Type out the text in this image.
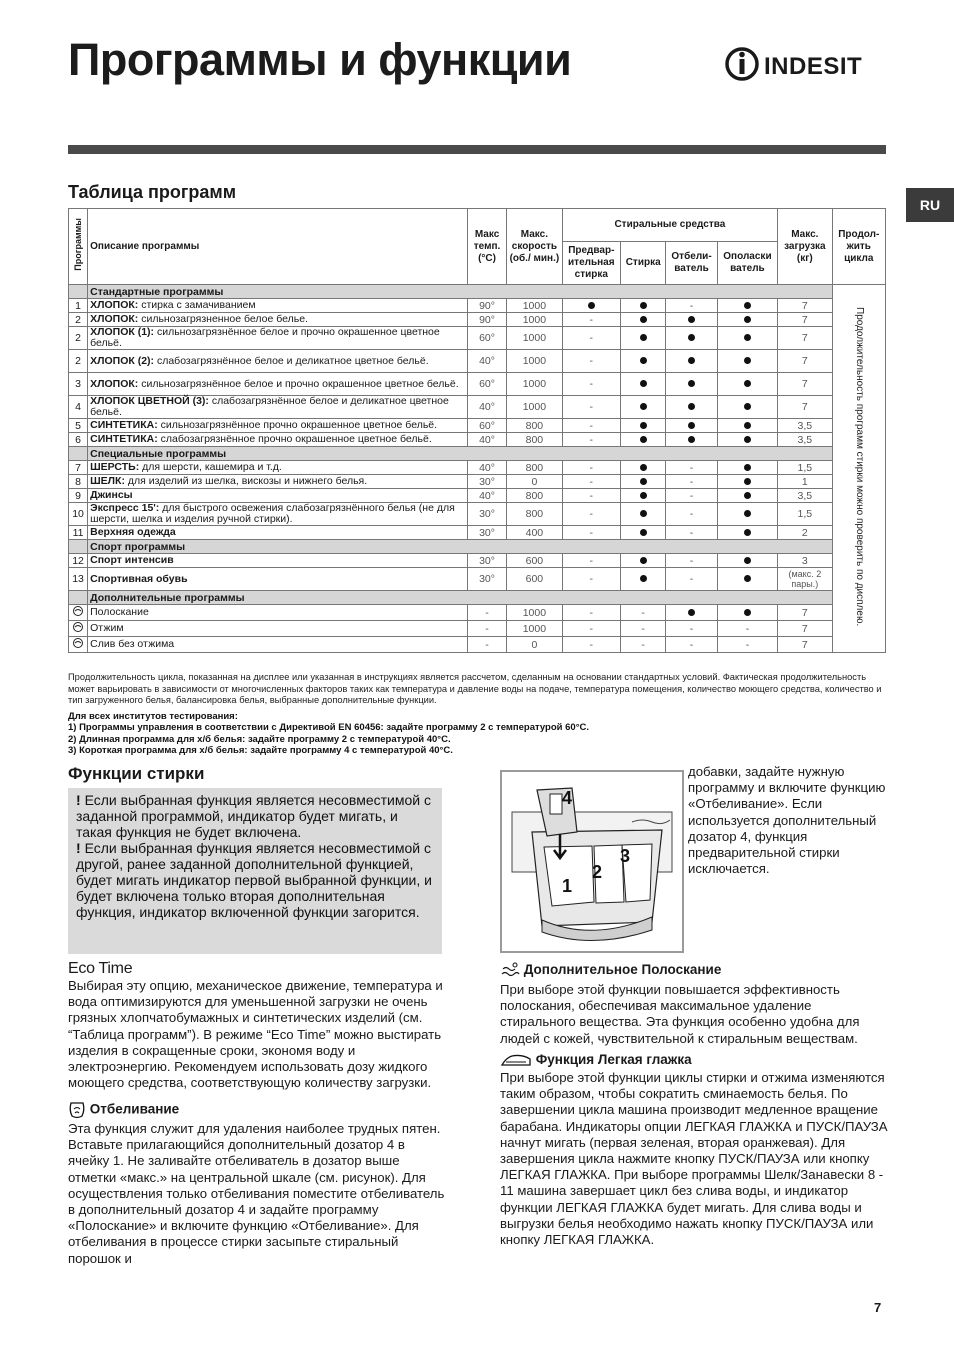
Программы и функции	INDESIT
RU
Таблица программ
Программы	Описание программы	Макс темп. (°C)	Макс. скорость (об./ мин.)	Стиральные средства				Макс. загрузка (кг)	Продол-жить цикла
				Предвар-ительная стирка	Стирка	Отбели-ватель	Ополаски ватель		
	Стандартные программы								Продолжительность программ стирки можно проверить по дисплею.
1	ХЛОПОК: стирка с замачиванием	90°	1000			-		7	
2	ХЛОПОК: сильнозагрязненное белое белье.	90°	1000	-				7	
2	ХЛОПОК (1): сильнозагрязнённое белое и прочно окрашенное цветное бельё.	60°	1000	-				7	
2	ХЛОПОК (2): слабозагрязнённое белое и деликатное цветное бельё.	40°	1000	-				7	
3	ХЛОПОК: сильнозагрязнённое белое и прочно окрашенное цветное бельё.	60°	1000	-				7	
4	ХЛОПОК ЦВЕТНОЙ (3): слабозагрязнённое белое и деликатное цветное бельё.	40°	1000	-				7	
5	СИНТЕТИКА: сильнозагрязнённое прочно окрашенное цветное бельё.	60°	800	-				3,5	
6	СИНТЕТИКА: слабозагрязнённое прочно окрашенное цветное бельё.	40°	800	-				3,5	
	Специальные программы								
7	ШЕРСТЬ: для шерсти, кашемира и т.д.	40°	800	-		-		1,5	
8	ШЕЛК: для изделий из шелка, вискозы и нижнего белья.	30°	0	-		-		1	
9	Джинсы	40°	800	-		-		3,5	
10	Экспресс 15': для быстрого освежения слабозагрязнённого белья (не для шерсти, шелка и изделия ручной стирки).	30°	800	-		-		1,5	
11	Верхняя одежда	30°	400	-		-		2	
	Спорт программы								
12	Спорт интенсив	30°	600	-		-		3	
13	Спортивная обувь	30°	600	-		-		(макс. 2 пары.)	
	Дополнительные программы								
	Полоскание	-	1000	-	-			7	
	Отжим	-	1000	-	-	-	-	7	
	Слив без отжима	-	0	-	-	-	-	7	
Продолжительность цикла, показанная на дисплее или указанная в инструкциях является рассчетом, сделанным на основании стандартных условий. Фактическая продолжительность может варьировать в зависимости от многочисленных факторов таких как температура и давление воды на подаче, температура помещения, количество моющего средства, количество и тип загруженного белья, балансировка белья, выбранные дополнительные функции.
Для всех институтов тестирования:
1) Программы управления в соответствии с Директивой EN 60456: задайте программу 2 с температурой 60°C.
2) Длинная программа для х/б белья: задайте программу 2 с температурой 40°C.
3) Короткая программа для х/б белья: задайте программу 4 с температурой 40°C.
Функции стирки
! Если выбранная функция является несовместимой с заданной программой, индикатор будет мигать, и такая функция не будет включена.
! Если выбранная функция является несовместимой с другой, ранее заданной дополнительной функцией, будет мигать индикатор первой выбранной функции, и будет включена только вторая дополнительная функция, индикатор включенной функции загорится.
Eco Time
Выбирая эту опцию, механическое движение, температура и вода оптимизируются для уменьшенной загрузки не очень грязных хлопчатобумажных и синтетических изделий (см. “Таблица программ”). В режиме “Eco Time” можно выстирать изделия в сокращенные сроки, экономя воду и электроэнергию. Рекомендуем использовать дозу жидкого моющего средства, соответствующую количеству загрузки.
Отбеливание
Эта функция служит для удаления наиболее трудных пятен. Вставьте прилагающийся дополнительный дозатор 4 в ячейку 1. Не заливайте отбеливатель в дозатор выше отметки «макс.» на центральной шкале (см. рисунок). Для осуществления только отбеливания поместите отбеливатель в дополнительный дозатор 4 и задайте программу «Полоскание» и включите функцию «Отбеливание». Для отбеливания в процессе стирки засыпьте стиральный порошок и
4
1
2
3
добавки, задайте нужную программу и включите функцию «Отбеливание». Если используется дополнительный дозатор 4, функция предварительной стирки исключается.
Дополнительное Полоскание
При выборе этой функции повышается эффективность полоскания, обеспечивая максимальное удаление стирального вещества. Эта функция особенно удобна для людей с кожей, чувствительной к стиральным веществам.
Функция Легкая глажка
При выборе этой функции циклы стирки и отжима изменяются таким образом, чтобы сократить сминаемость белья. По завершении цикла машина производит медленное вращение барабана. Индикаторы опции ЛЕГКАЯ ГЛАЖКА и ПУСК/ПАУЗА начнут мигать (первая зеленая, вторая оранжевая). Для завершения цикла нажмите кнопку ПУСК/ПАУЗА или кнопку ЛЕГКАЯ ГЛАЖКА. При выборе программы Шелк/Занавески 8 - 11 машина завершает цикл без слива воды, и индикатор функции ЛЕГКАЯ ГЛАЖКА будет мигать. Для слива воды и выгрузки белья необходимо нажать кнопку ПУСК/ПАУЗА или кнопку ЛЕГКАЯ ГЛАЖКА.
7
